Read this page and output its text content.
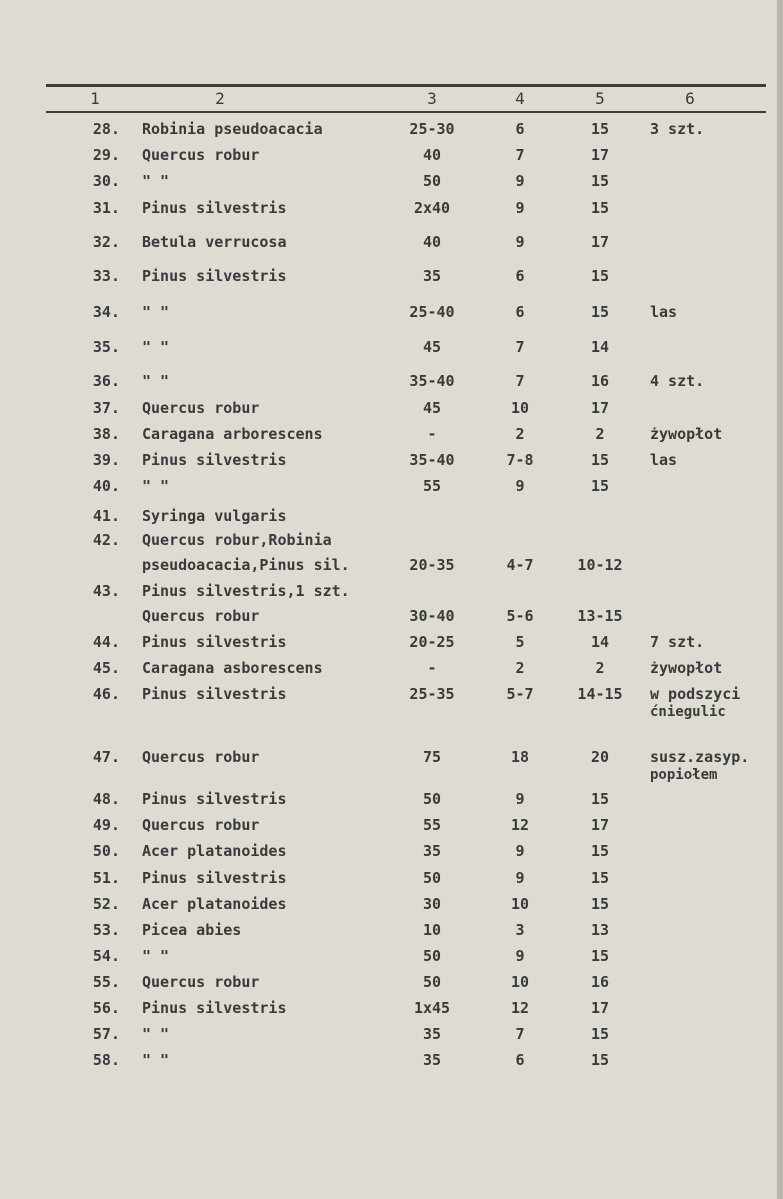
1	2	3	4	5	6
28. Robinia pseudoacacia	25-30	6	15	3 szt.
29. Quercus robur	40	7	17
30. " "	50	9	15
31. Pinus silvestris	2x40	9	15
32. Betula verrucosa	40	9	17
33. Pinus silvestris	35	6	15
34. " "	25-40	6	15	las
35. " "	45	7	14
36. " "	35-40	7	16	4 szt.
37. Quercus robur	45	10	17
38. Caragana arborescens	-	2	2	żywopłot
39. Pinus silvestris	35-40	7-8	15	las
40. " "	55	9	15
41. Syringa vulgaris
42. Quercus robur,Robinia
pseudoacacia,Pinus sil.	20-35	4-7	10-12
43. Pinus silvestris,1 szt.
Quercus robur	30-40	5-6	13-15
44. Pinus silvestris	20-25	5	14	7 szt.
45. Caragana asborescens	-	2	2	żywopłot
46. Pinus silvestris	25-35	5-7	14-15	w podszyci
ćniegulic
47. Quercus robur	75	18	20	susz.zasyp.
popiołem
48. Pinus silvestris	50	9	15
49. Quercus robur	55	12	17
50. Acer platanoides	35	9	15
51. Pinus silvestris	50	9	15
52. Acer platanoides	30	10	15
53. Picea abies	10	3	13
54. " "	50	9	15
55. Quercus robur	50	10	16
56. Pinus silvestris	1x45	12	17
57. " "	35	7	15
58. " "	35	6	15
